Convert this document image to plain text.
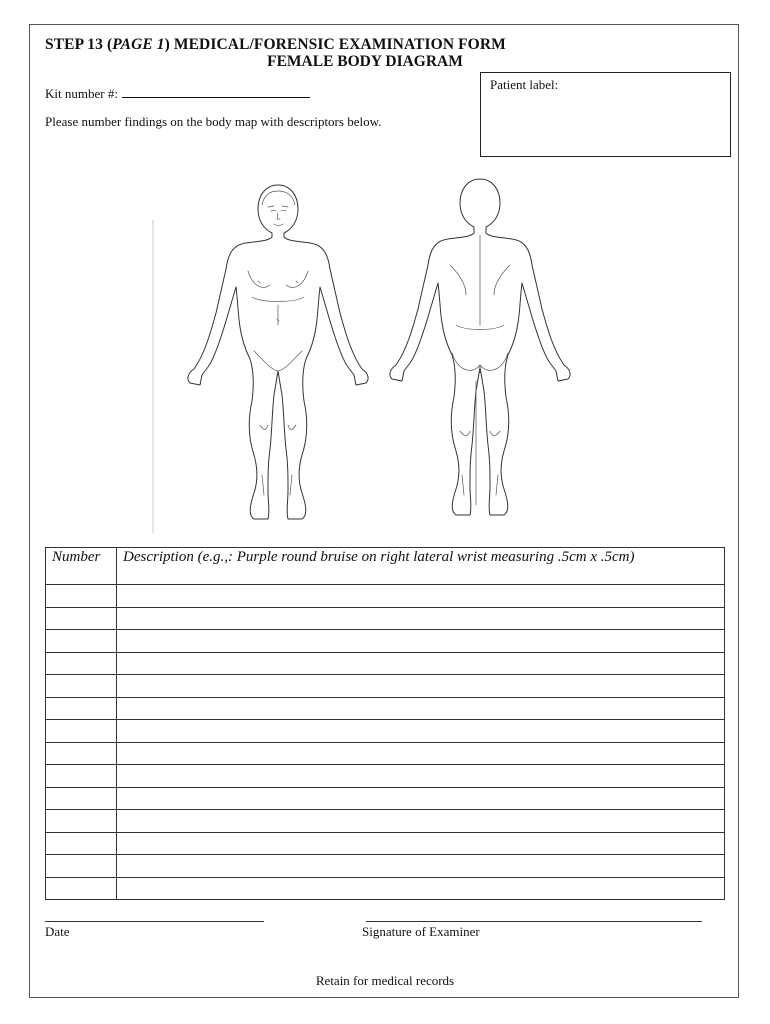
STEP 13 (PAGE 1) MEDICAL/FORENSIC EXAMINATION FORM
FEMALE BODY DIAGRAM
Kit number #:
Please number findings on the body map with descriptors below.
Patient label:
Number	Description (e.g.,: Purple round bruise on right lateral wrist measuring .5cm x .5cm)

Date	Signature of Examiner
Retain for medical records
